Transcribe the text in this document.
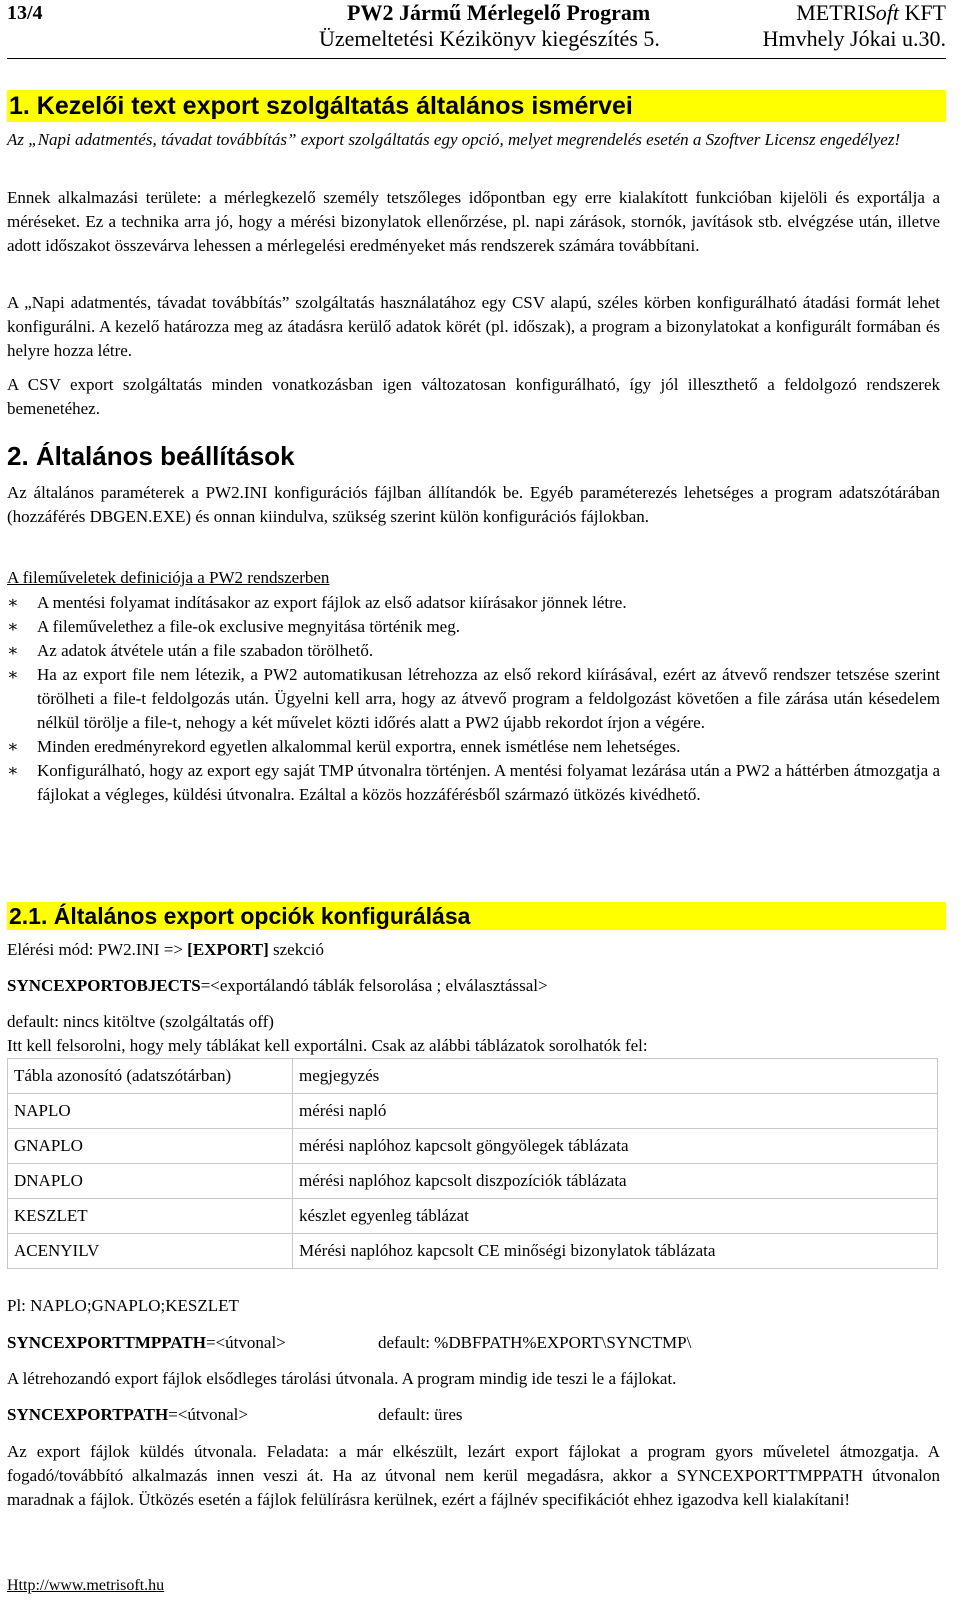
13/4	PW2 Jármű Mérlegelő Program	METRISoft KFT
Üzemeltetési Kézikönyv kiegészítés 5.	Hmvhely Jókai u.30.
1. Kezelői text export szolgáltatás általános ismérvei
Az „Napi adatmentés, távadat továbbítás” export szolgáltatás egy opció, melyet megrendelés esetén a Szoftver Licensz engedélyez!
Ennek alkalmazási területe: a mérlegkezelő személy tetszőleges időpontban egy erre kialakított funkcióban kijelöli és exportálja a méréseket. Ez a technika arra jó, hogy a mérési bizonylatok ellenőrzése, pl. napi zárások, stornók, javítások stb. elvégzése után, illetve adott időszakot összevárva lehessen a mérlegelési eredményeket más rendszerek számára továbbítani.
A „Napi adatmentés, távadat továbbítás” szolgáltatás használatához egy CSV alapú, széles körben konfigurálható átadási formát lehet konfigurálni. A kezelő határozza meg az átadásra kerülő adatok körét (pl. időszak), a program a bizonylatokat a konfigurált formában és helyre hozza létre.
A CSV export szolgáltatás minden vonatkozásban igen változatosan konfigurálható, így jól illeszthető a feldolgozó rendszerek bemenetéhez.
2. Általános beállítások
Az általános paraméterek a PW2.INI konfigurációs fájlban állítandók be. Egyéb paraméterezés lehetséges a program adatszótárában (hozzáférés DBGEN.EXE) és onnan kiindulva, szükség szerint külön konfigurációs fájlokban.
A fileműveletek definiciója a PW2 rendszerben

∗ A mentési folyamat indításakor az export fájlok az első adatsor kiírásakor jönnek létre.

∗ A fileművelethez a file-ok exclusive megnyitása történik meg.

∗ Az adatok átvétele után a file szabadon törölhető.

∗ Ha az export file nem létezik, a PW2 automatikusan létrehozza az első rekord kiírásával, ezért az átvevő rendszer tetszése szerint törölheti a file-t feldolgozás után. Ügyelni kell arra, hogy az átvevő program a feldolgozást követően a file zárása után késedelem nélkül törölje a file-t, nehogy a két művelet közti időrés alatt a PW2 újabb rekordot írjon a végére.

∗ Minden eredményrekord egyetlen alkalommal kerül exportra, ennek ismétlése nem lehetséges.

∗ Konfigurálható, hogy az export egy saját TMP útvonalra történjen. A mentési folyamat lezárása után a PW2 a háttérben átmozgatja a fájlokat a végleges, küldési útvonalra. Ezáltal a közös hozzáférésből származó ütközés kivédhető.

2.1. Általános export opciók konfigurálása
Elérési mód: PW2.INI => [EXPORT] szekció
SYNCEXPORTOBJECTS=<exportálandó táblák felsorolása ; elválasztással>
default: nincs kitöltve (szolgáltatás off)
Itt kell felsorolni, hogy mely táblákat kell exportálni. Csak az alábbi táblázatok sorolhatók fel:
Tábla azonosító (adatszótárban)	megjegyzés
NAPLO	mérési napló
GNAPLO	mérési naplóhoz kapcsolt göngyölegek táblázata
DNAPLO	mérési naplóhoz kapcsolt diszpozíciók táblázata
KESZLET	készlet egyenleg táblázat
ACENYILV	Mérési naplóhoz kapcsolt CE minőségi bizonylatok táblázata
Pl: NAPLO;GNAPLO;KESZLET
SYNCEXPORTTMPPATH=<útvonal>	default: %DBFPATH%EXPORT\SYNCTMP\
A létrehozandó export fájlok elsődleges tárolási útvonala. A program mindig ide teszi le a fájlokat.
SYNCEXPORTPATH=<útvonal>	default: üres
Az export fájlok küldés útvonala. Feladata: a már elkészült, lezárt export fájlokat a program gyors műveletel átmozgatja. A fogadó/továbbító alkalmazás innen veszi át. Ha az útvonal nem kerül megadásra, akkor a SYNCEXPORTTMPPATH útvonalon maradnak a fájlok. Ütközés esetén a fájlok felülírásra kerülnek, ezért a fájlnév specifikációt ehhez igazodva kell kialakítani!
Http://www.metrisoft.hu
